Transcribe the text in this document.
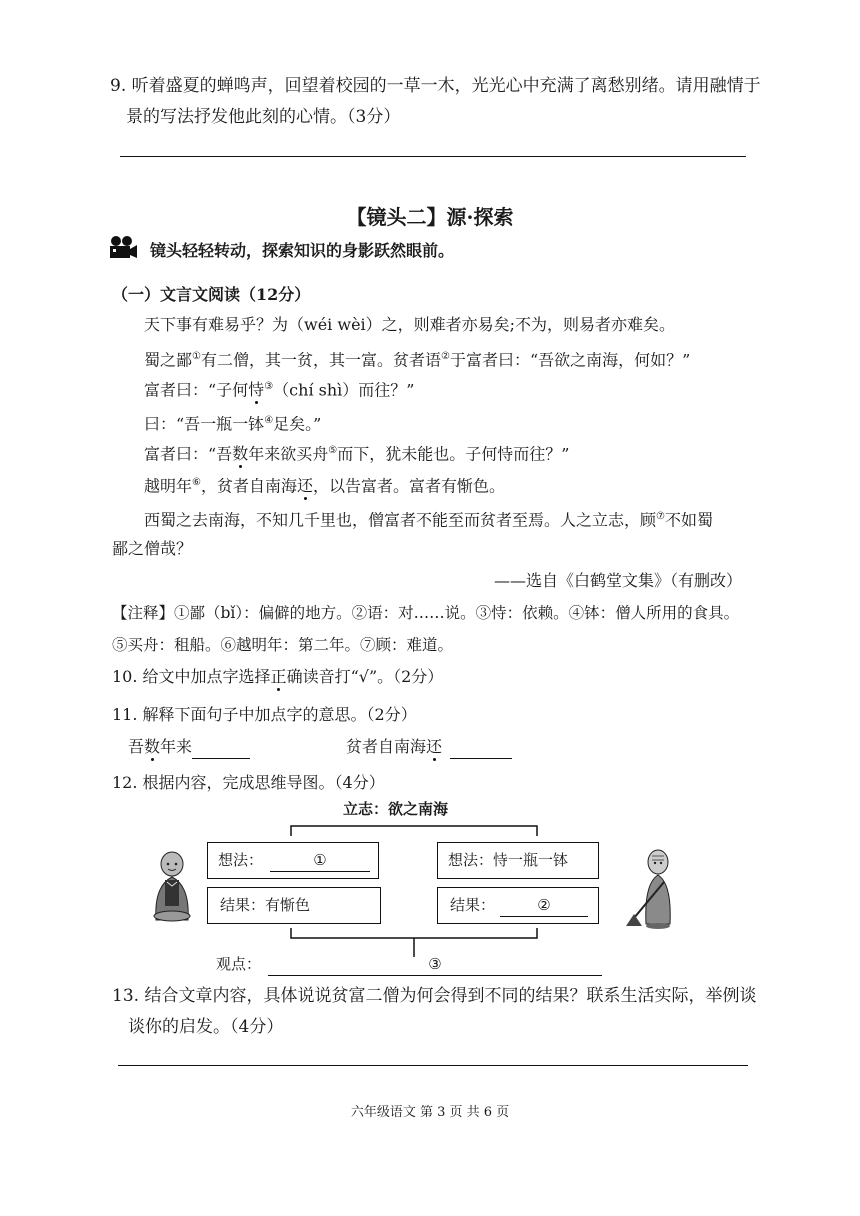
9. 听着盛夏的蝉鸣声，回望着校园的一草一木，光光心中充满了离愁别绪。请用融情于
景的写法抒发他此刻的心情。（3分）
【镜头二】源·探索
镜头轻轻转动，探索知识的身影跃然眼前。
（一）文言文阅读（12分）
天下事有难易乎？为（wéi wèi）之，则难者亦易矣;不为，则易者亦难矣。
蜀之鄙①有二僧，其一贫，其一富。贫者语②于富者曰：“吾欲之南海，何如？”
富者曰：“子何恃③（chí shì）而往？”
曰：“吾一瓶一钵④足矣。”
富者曰：“吾数年来欲买舟⑤而下，犹未能也。子何恃而往？”
越明年⑥，贫者自南海还，以告富者。富者有惭色。
西蜀之去南海，不知几千里也，僧富者不能至而贫者至焉。人之立志，顾⑦不如蜀
鄙之僧哉？
——选自《白鹤堂文集》（有删改）
【注释】①鄙（bǐ）：偏僻的地方。②语：对……说。③恃：依赖。④钵：僧人所用的食具。
⑤买舟：租船。⑥越明年：第二年。⑦顾：难道。
10. 给文中加点字选择正确读音打“√”。（2分）
11. 解释下面句子中加点字的意思。（2分）
吾数年来	贫者自南海还
12. 根据内容，完成思维导图。（4分）
立志：欲之南海
想法：	①	想法：恃一瓶一钵
结果：有惭色	结果：	②
观点：	③
13. 结合文章内容，具体说说贫富二僧为何会得到不同的结果？联系生活实际，举例谈
谈你的启发。（4分）
六年级语文 第 3 页 共 6 页
